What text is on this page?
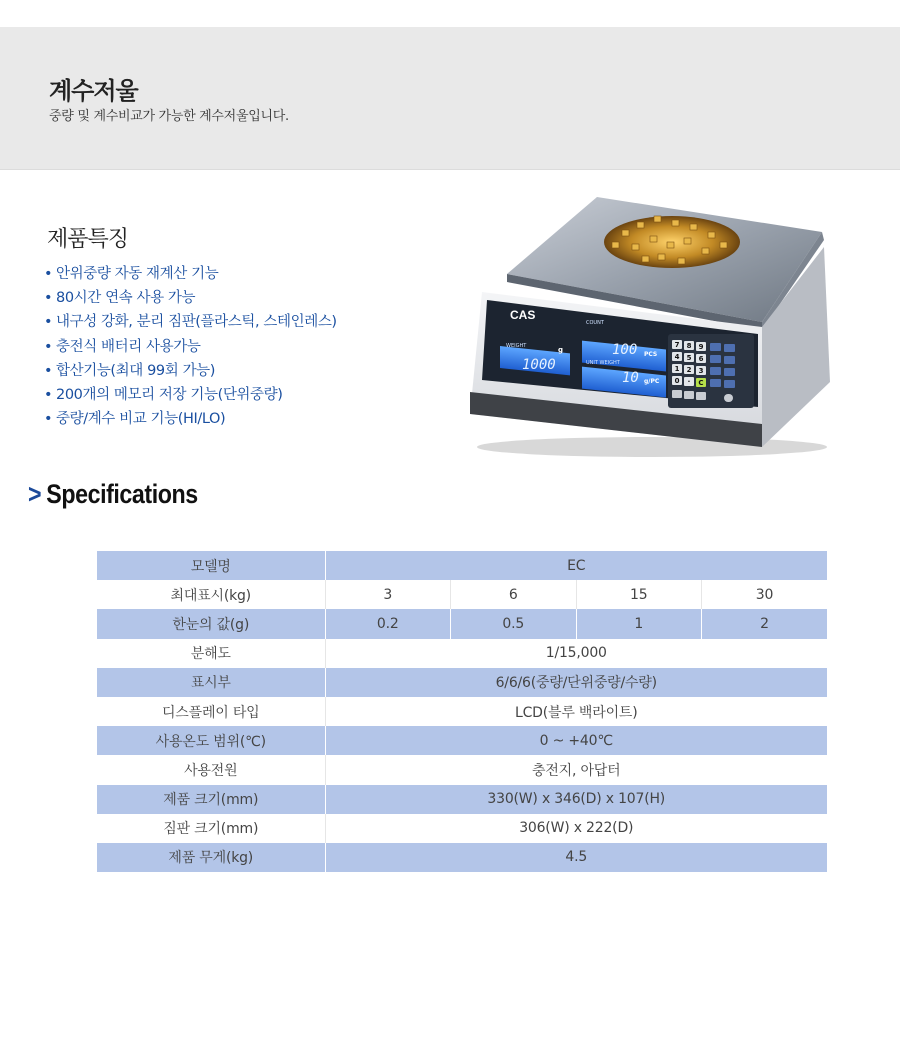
계수저울
중량 및 계수비교가 가능한 계수저울입니다.
제품특징
• 안위중량 자동 재계산 기능
• 80시간 연속 사용 가능
• 내구성 강화, 분리 짐판(플라스틱, 스테인레스)
• 충전식 배터리 사용가능
• 합산기능(최대 99회 가능)
• 200개의 메모리 저장 기능(단위중량)
• 중량/계수 비교 기능(HI/LO)
CAS
COUNT
100 PCS
WEIGHT
1000
g
UNIT WEIGHT
10 g/PC
7 8 9
4 5 6
1 2 3
0 · C
> Specifications
모델명	EC			
최대표시(kg)	3	6	15	30
한눈의 값(g)	0.2	0.5	1	2
분해도	1/15,000			
표시부	6/6/6(중량/단위중량/수량)			
디스플레이 타입	LCD(블루 백라이트)			
사용온도 범위(℃)	0 ~ +40℃			
사용전원	충전지, 아답터			
제품 크기(mm)	330(W) x 346(D) x 107(H)			
짐판 크기(mm)	306(W) x 222(D)			
제품 무게(kg)	4.5			
